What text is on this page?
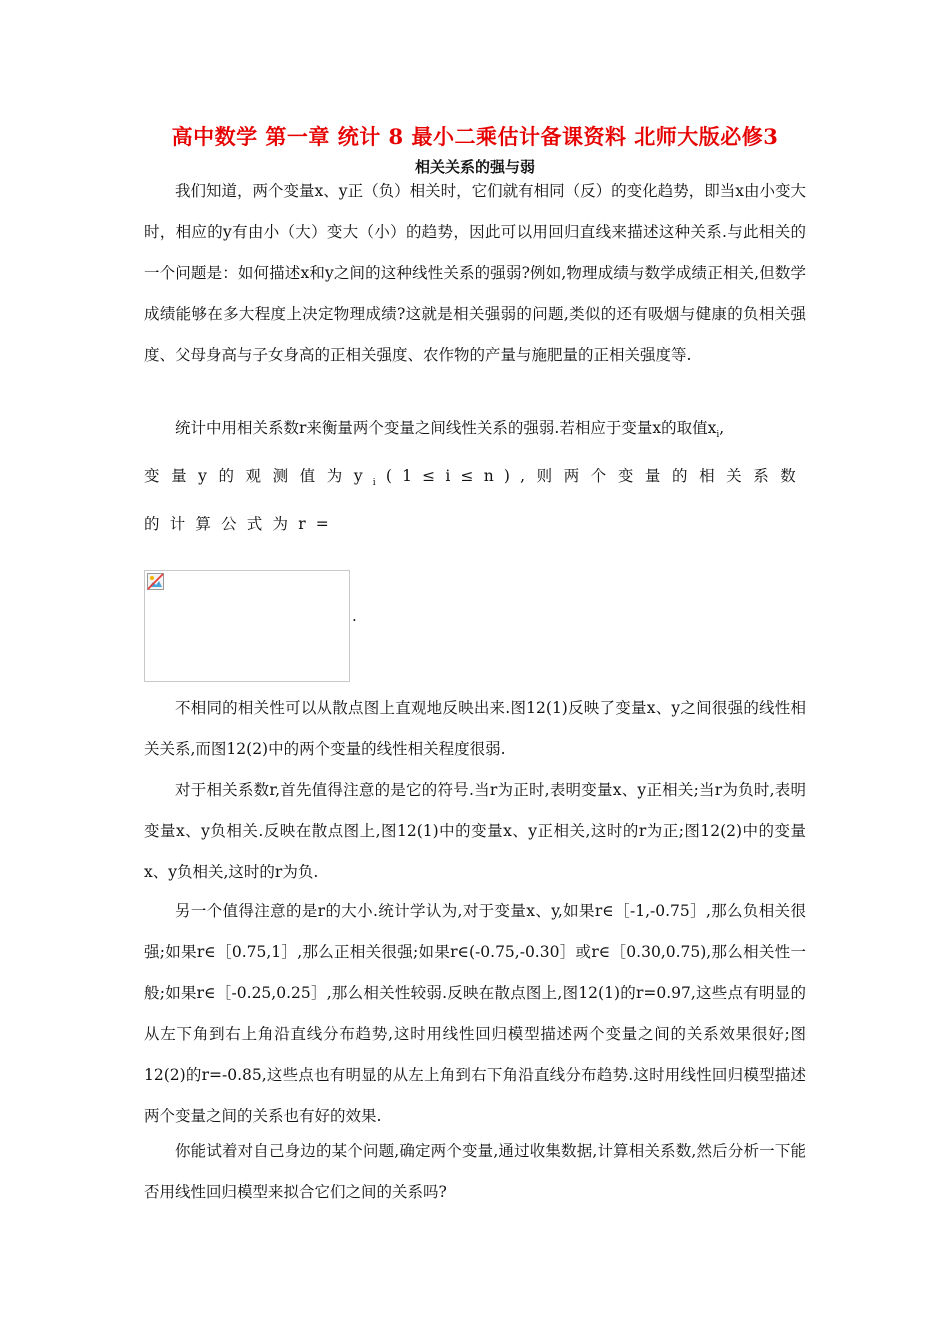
高中数学 第一章 统计 8 最小二乘估计备课资料 北师大版必修3
相关关系的强与弱

我们知道，两个变量x、y正（负）相关时，它们就有相同（反）的变化趋势，即当x由小变大时，相应的y有由小（大）变大（小）的趋势，因此可以用回归直线来描述这种关系.与此相关的一个问题是：如何描述x和y之间的这种线性关系的强弱?例如,物理成绩与数学成绩正相关,但数学成绩能够在多大程度上决定物理成绩?这就是相关强弱的问题,类似的还有吸烟与健康的负相关强度、父母身高与子女身高的正相关强度、农作物的产量与施肥量的正相关强度等.

统计中用相关系数r来衡量两个变量之间线性关系的强弱.若相应于变量x的取值$x_i$,
变量y的观测值为$y_i(1\le i\le n)$,则两个变量的相关系数的计算公式为r=

.

不相同的相关性可以从散点图上直观地反映出来.图12(1)反映了变量x、y之间很强的线性相关关系,而图12(2)中的两个变量的线性相关程度很弱.

对于相关系数r,首先值得注意的是它的符号.当r为正时,表明变量x、y正相关;当r为负时,表明变量x、y负相关.反映在散点图上,图12(1)中的变量x、y正相关,这时的r为正;图12(2)中的变量x、y负相关,这时的r为负.

另一个值得注意的是r的大小.统计学认为,对于变量x、y,如果r∈［-1,-0.75］,那么负相关很强;如果r∈［0.75,1］,那么正相关很强;如果r∈(-0.75,-0.30］或r∈［0.30,0.75),那么相关性一般;如果r∈［-0.25,0.25］,那么相关性较弱.反映在散点图上,图12(1)的r=0.97,这些点有明显的从左下角到右上角沿直线分布趋势,这时用线性回归模型描述两个变量之间的关系效果很好;图12(2)的r=-0.85,这些点也有明显的从左上角到右下角沿直线分布趋势.这时用线性回归模型描述两个变量之间的关系也有好的效果.

你能试着对自己身边的某个问题,确定两个变量,通过收集数据,计算相关系数,然后分析一下能否用线性回归模型来拟合它们之间的关系吗?
